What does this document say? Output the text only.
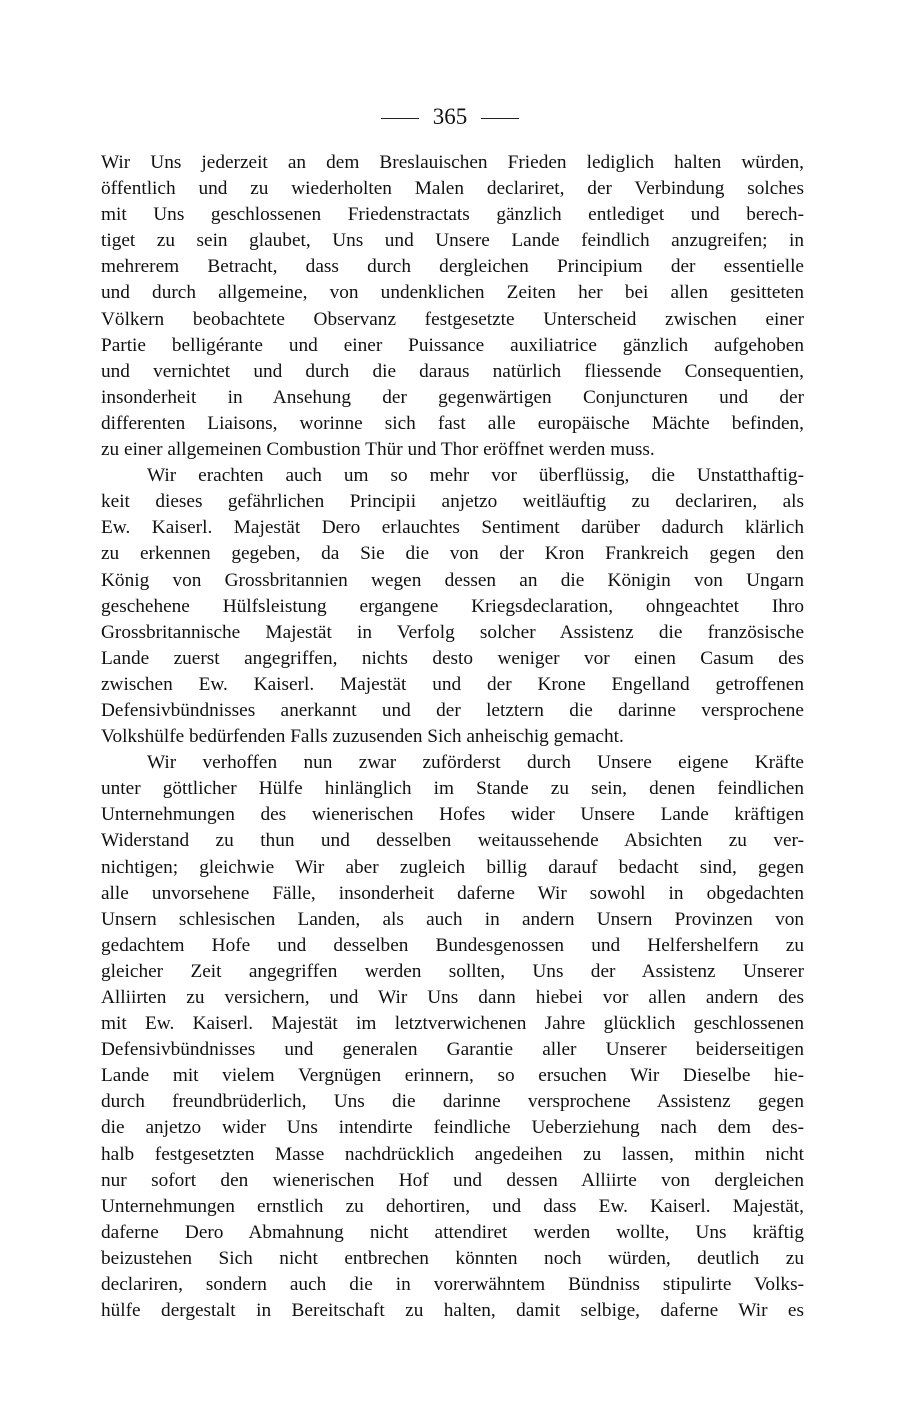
365
Wir Uns jederzeit an dem Breslauischen Frieden lediglich halten würden,
öffentlich und zu wiederholten Malen declariret, der Verbindung solches
mit Uns geschlossenen Friedenstractats gänzlich entlediget und berech-
tiget zu sein glaubet, Uns und Unsere Lande feindlich anzugreifen; in
mehrerem Betracht, dass durch dergleichen Principium der essentielle
und durch allgemeine, von undenklichen Zeiten her bei allen gesitteten
Völkern beobachtete Observanz festgesetzte Unterscheid zwischen einer
Partie belligérante und einer Puissance auxiliatrice gänzlich aufgehoben
und vernichtet und durch die daraus natürlich fliessende Consequentien,
insonderheit in Ansehung der gegenwärtigen Conjuncturen und der
differenten Liaisons, worinne sich fast alle europäische Mächte befinden,
zu einer allgemeinen Combustion Thür und Thor eröffnet werden muss.
Wir erachten auch um so mehr vor überflüssig, die Unstatthaftig-
keit dieses gefährlichen Principii anjetzo weitläuftig zu declariren, als
Ew. Kaiserl. Majestät Dero erlauchtes Sentiment darüber dadurch klärlich
zu erkennen gegeben, da Sie die von der Kron Frankreich gegen den
König von Grossbritannien wegen dessen an die Königin von Ungarn
geschehene Hülfsleistung ergangene Kriegsdeclaration, ohngeachtet Ihro
Grossbritannische Majestät in Verfolg solcher Assistenz die französische
Lande zuerst angegriffen, nichts desto weniger vor einen Casum des
zwischen Ew. Kaiserl. Majestät und der Krone Engelland getroffenen
Defensivbündnisses anerkannt und der letztern die darinne versprochene
Volkshülfe bedürfenden Falls zuzusenden Sich anheischig gemacht.
Wir verhoffen nun zwar zuförderst durch Unsere eigene Kräfte
unter göttlicher Hülfe hinlänglich im Stande zu sein, denen feindlichen
Unternehmungen des wienerischen Hofes wider Unsere Lande kräftigen
Widerstand zu thun und desselben weitaussehende Absichten zu ver-
nichtigen; gleichwie Wir aber zugleich billig darauf bedacht sind, gegen
alle unvorsehene Fälle, insonderheit daferne Wir sowohl in obgedachten
Unsern schlesischen Landen, als auch in andern Unsern Provinzen von
gedachtem Hofe und desselben Bundesgenossen und Helfershelfern zu
gleicher Zeit angegriffen werden sollten, Uns der Assistenz Unserer
Alliirten zu versichern, und Wir Uns dann hiebei vor allen andern des
mit Ew. Kaiserl. Majestät im letztverwichenen Jahre glücklich geschlossenen
Defensivbündnisses und generalen Garantie aller Unserer beiderseitigen
Lande mit vielem Vergnügen erinnern, so ersuchen Wir Dieselbe hie-
durch freundbrüderlich, Uns die darinne versprochene Assistenz gegen
die anjetzo wider Uns intendirte feindliche Ueberziehung nach dem des-
halb festgesetzten Masse nachdrücklich angedeihen zu lassen, mithin nicht
nur sofort den wienerischen Hof und dessen Alliirte von dergleichen
Unternehmungen ernstlich zu dehortiren, und dass Ew. Kaiserl. Majestät,
daferne Dero Abmahnung nicht attendiret werden wollte, Uns kräftig
beizustehen Sich nicht entbrechen könnten noch würden, deutlich zu
declariren, sondern auch die in vorerwähntem Bündniss stipulirte Volks-
hülfe dergestalt in Bereitschaft zu halten, damit selbige, daferne Wir es
